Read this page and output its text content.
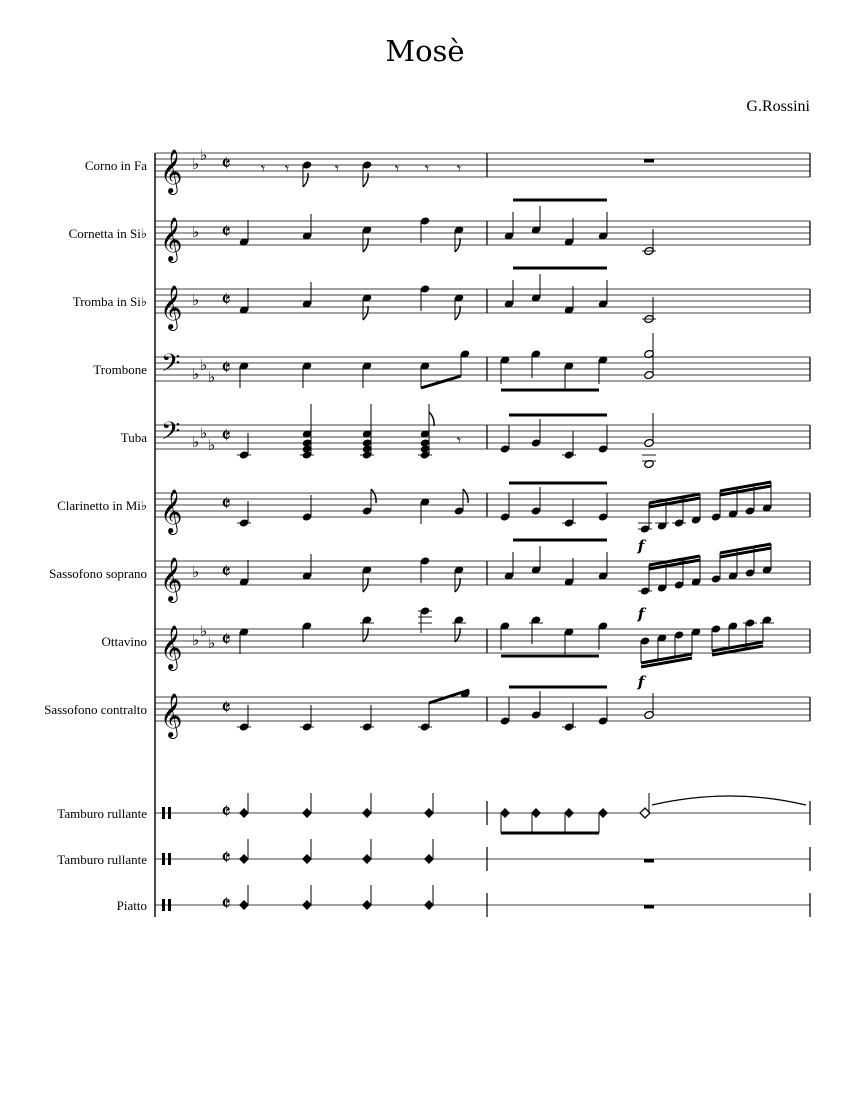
Mosè
G.Rossini
Corno in Fa 𝄞 ♭ ♭ 𝄵
Cornetta in Si♭ 𝄞 ♭ 𝄵
Tromba in Si♭ 𝄞 ♭ 𝄵
Trombone 𝄢 ♭ ♭
♭ 𝄵
Tuba 𝄢 ♭ ♭
♭ 𝄵
Clarinetto in Mi♭ 𝄞 𝄵
Sassofono soprano 𝄞 ♭ 𝄵
Ottavino 𝄞 ♭ ♭
♭ 𝄵
Sassofono contralto 𝄞 𝄵
Tamburo rullante	𝄵
Tamburo rullante	𝄵
Piatto	𝄵
𝄾 𝄾	𝄾	𝄾 𝄾 𝄾
f
𝄾
f
f
